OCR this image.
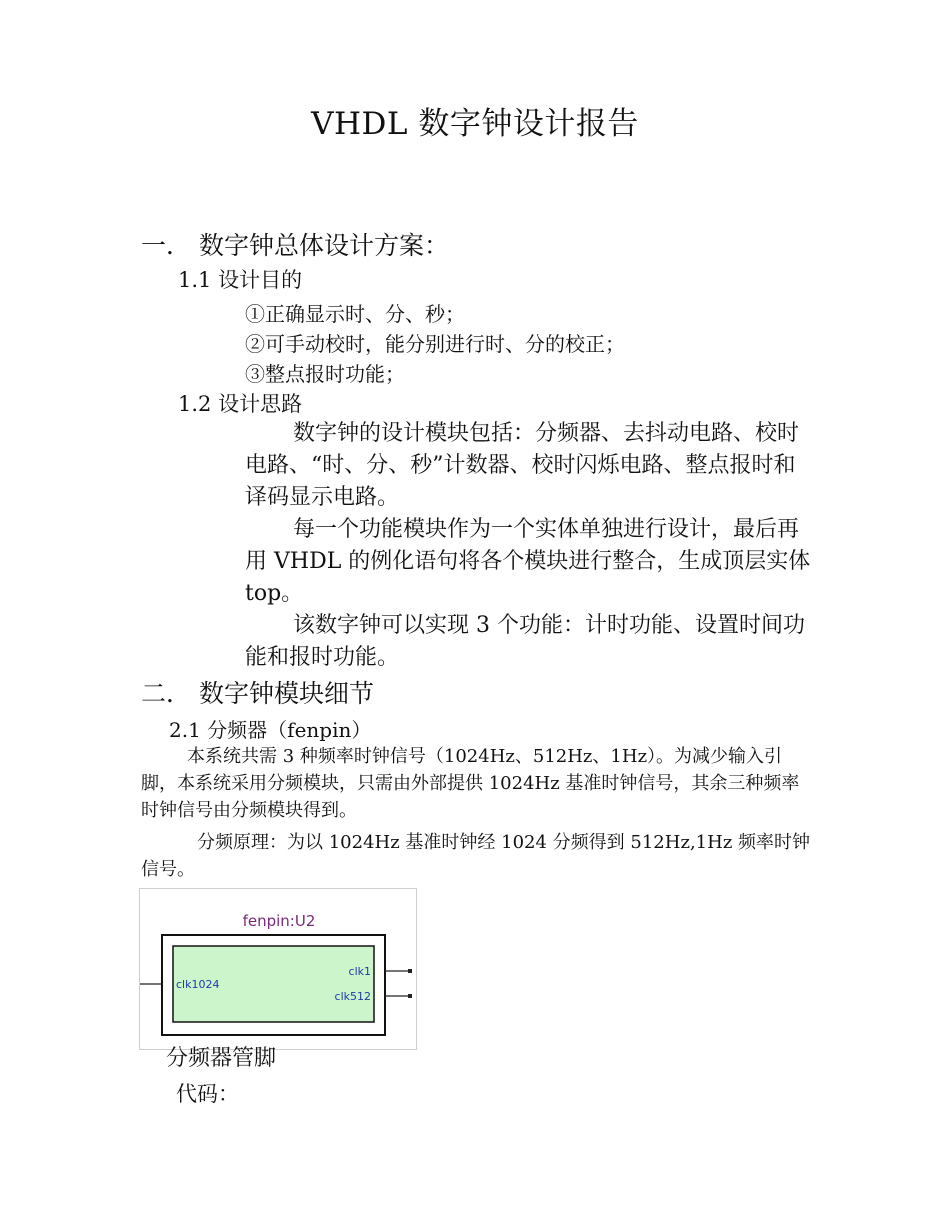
VHDL 数字钟设计报告
一． 数字钟总体设计方案：
1.1 设计目的
①正确显示时、分、秒；
②可手动校时，能分别进行时、分的校正；
③整点报时功能；
1.2 设计思路
数字钟的设计模块包括：分频器、去抖动电路、校时电路、“时、分、秒”计数器、校时闪烁电路、整点报时和译码显示电路。
每一个功能模块作为一个实体单独进行设计，最后再用 VHDL 的例化语句将各个模块进行整合，生成顶层实体 top。
该数字钟可以实现 3 个功能：计时功能、设置时间功能和报时功能。
二． 数字钟模块细节
2.1 分频器（fenpin）
本系统共需 3 种频率时钟信号（1024Hz、512Hz、1Hz）。为减少输入引脚，本系统采用分频模块，只需由外部提供 1024Hz 基准时钟信号，其余三种频率时钟信号由分频模块得到。
分频原理：为以 1024Hz 基准时钟经 1024 分频得到 512Hz,1Hz 频率时钟信号。
fenpin:U2
clk1024
clk1
clk512
分频器管脚
代码：
